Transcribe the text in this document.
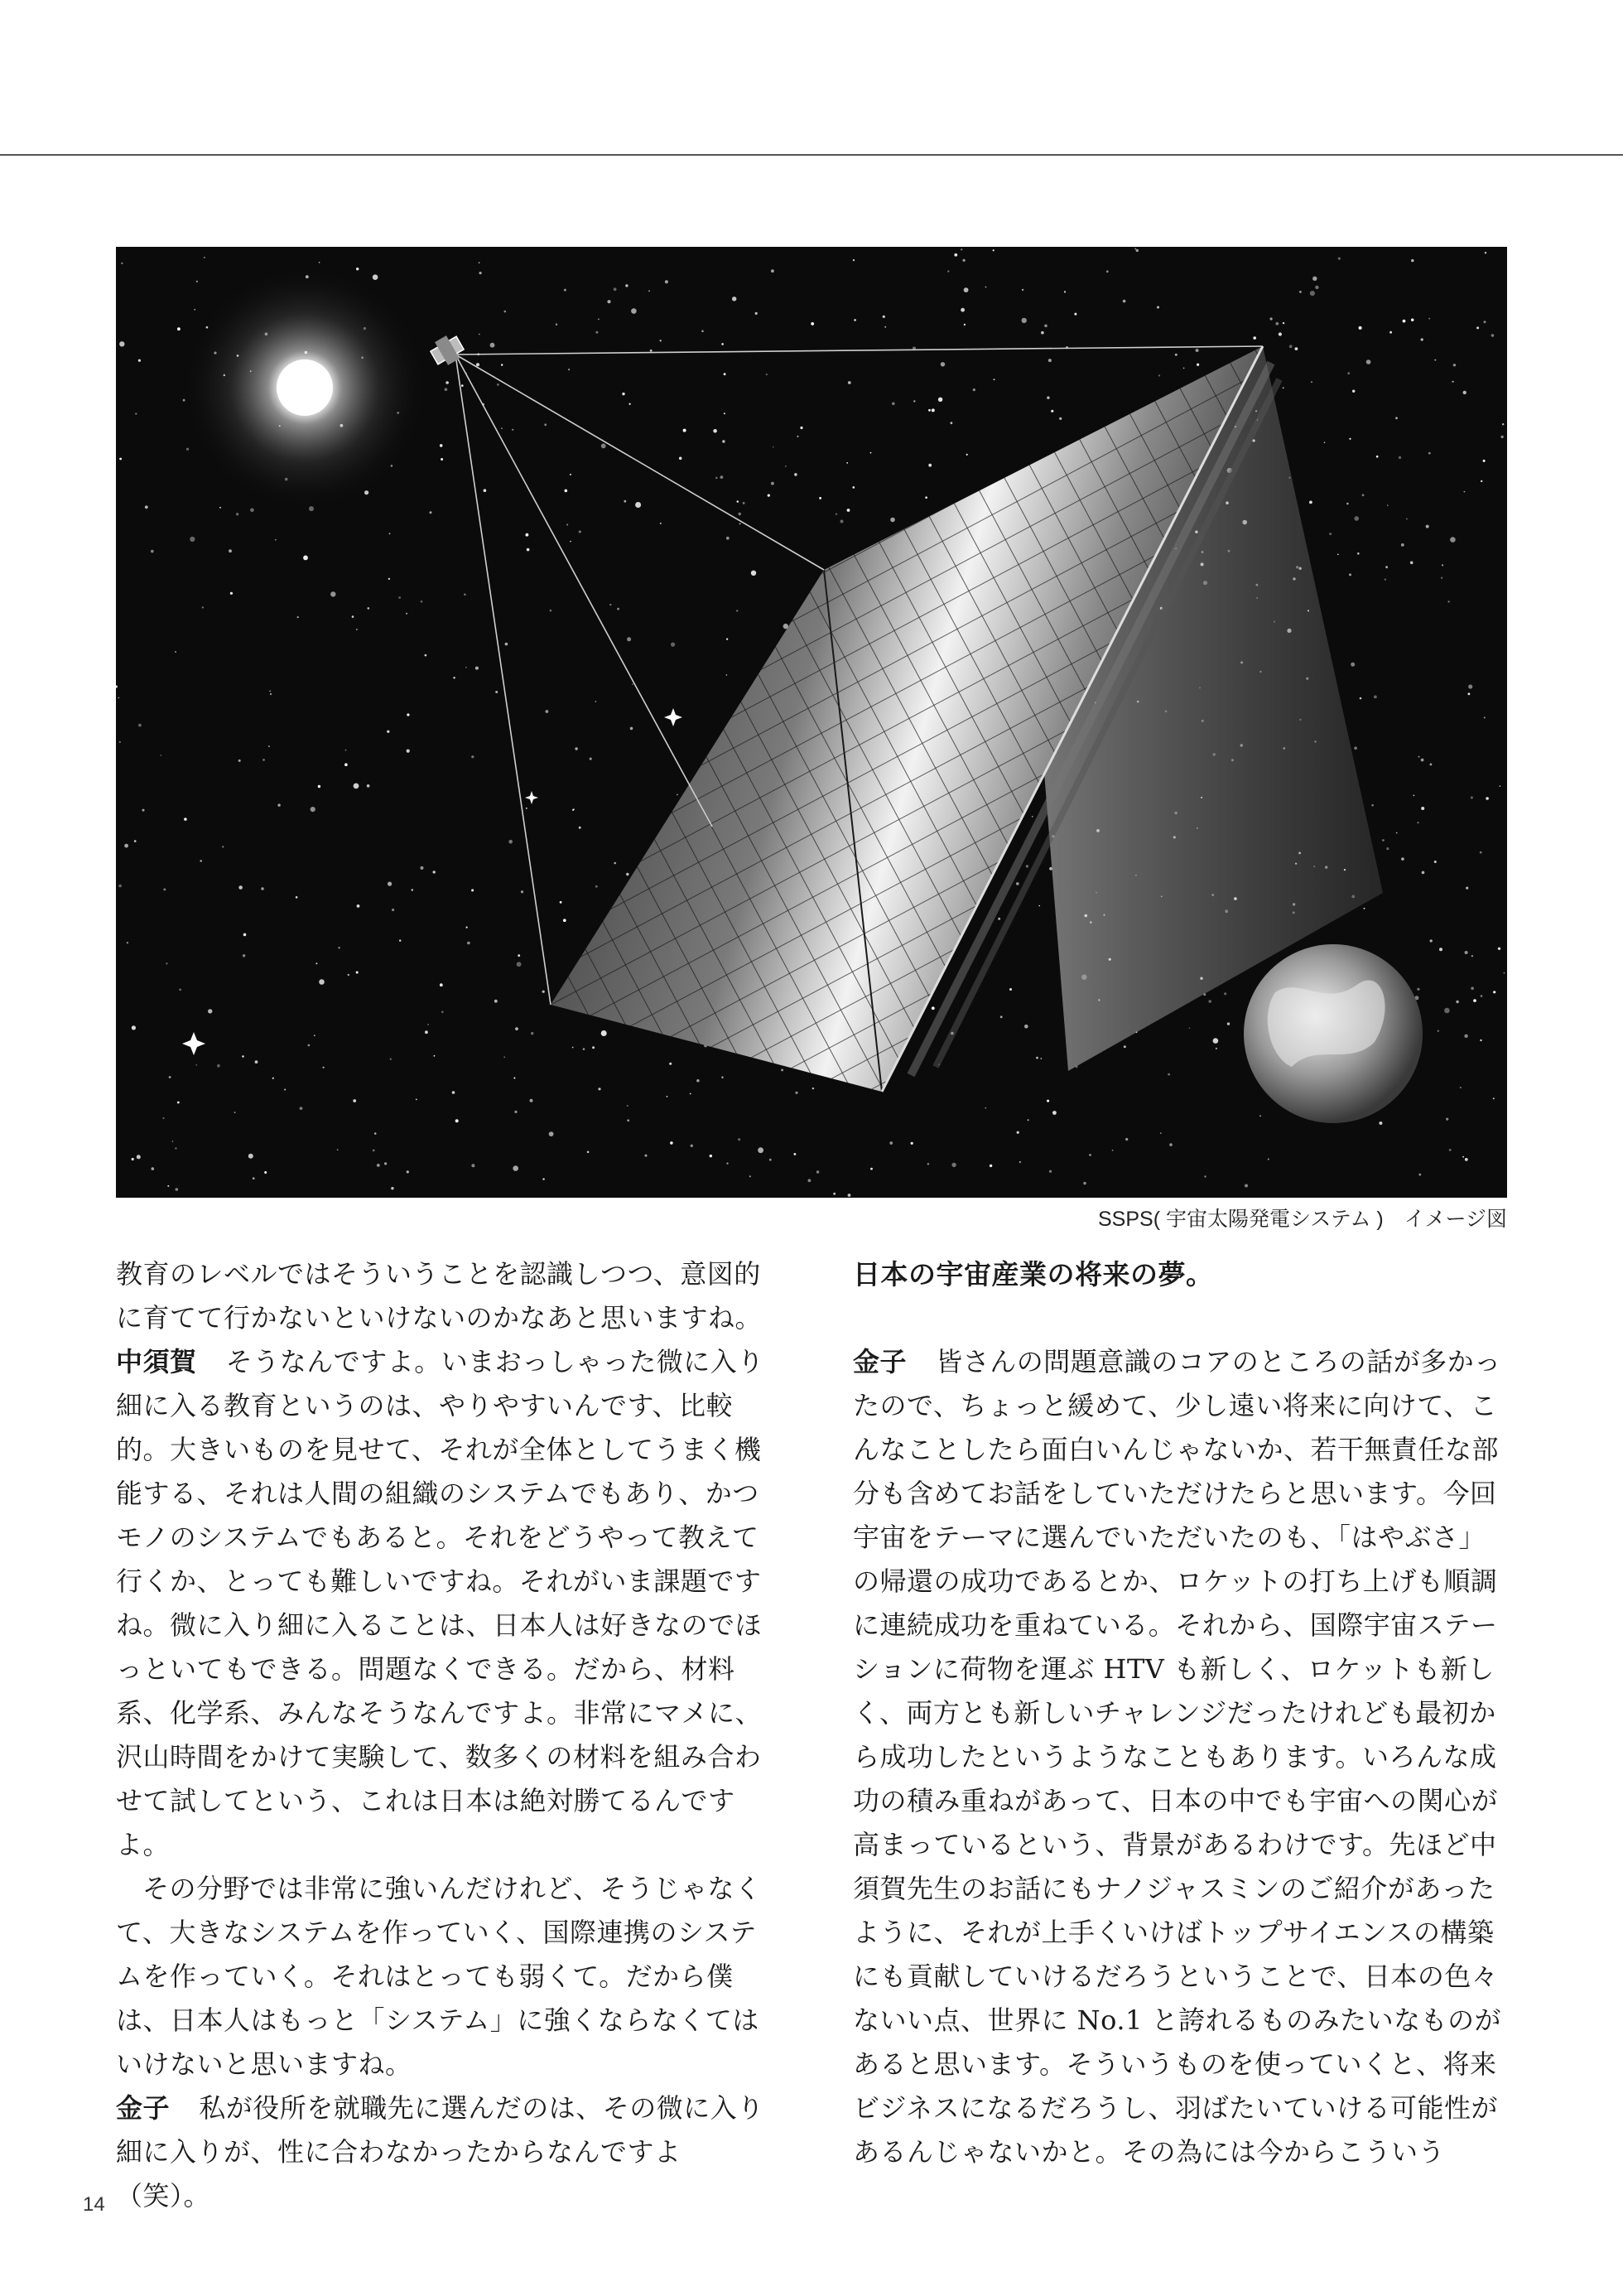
SSPS( 宇宙太陽発電システム )　イメージ図

教育のレベルではそういうことを認識しつつ、意図的に育てて行かないといけないのかなあと思いますね。

中須賀 そうなんですよ。いまおっしゃった微に入り細に入る教育というのは、やりやすいんです、比較的。大きいものを見せて、それが全体としてうまく機能する、それは人間の組織のシステムでもあり、かつモノのシステムでもあると。それをどうやって教えて行くか、とっても難しいですね。それがいま課題ですね。微に入り細に入ることは、日本人は好きなのでほっといてもできる。問題なくできる。だから、材料系、化学系、みんなそうなんですよ。非常にマメに、沢山時間をかけて実験して、数多くの材料を組み合わせて試してという、これは日本は絶対勝てるんですよ。

その分野では非常に強いんだけれど、そうじゃなくて、大きなシステムを作っていく、国際連携のシステムを作っていく。それはとっても弱くて。だから僕は、日本人はもっと「システム」に強くならなくてはいけないと思いますね。

金子 私が役所を就職先に選んだのは、その微に入り細に入りが、性に合わなかったからなんですよ（笑）。

日本の宇宙産業の将来の夢。

金子 皆さんの問題意識のコアのところの話が多かったので、ちょっと緩めて、少し遠い将来に向けて、こんなことしたら面白いんじゃないか、若干無責任な部分も含めてお話をしていただけたらと思います。今回宇宙をテーマに選んでいただいたのも、「はやぶさ」の帰還の成功であるとか、ロケットの打ち上げも順調に連続成功を重ねている。それから、国際宇宙ステーションに荷物を運ぶ HTV も新しく、ロケットも新しく、両方とも新しいチャレンジだったけれども最初から成功したというようなこともあります。いろんな成功の積み重ねがあって、日本の中でも宇宙への関心が高まっているという、背景があるわけです。先ほど中須賀先生のお話にもナノジャスミンのご紹介があったように、それが上手くいけばトップサイエンスの構築にも貢献していけるだろうということで、日本の色々ないい点、世界に No.1 と誇れるものみたいなものがあると思います。そういうものを使っていくと、将来ビジネスになるだろうし、羽ばたいていける可能性があるんじゃないかと。その為には今からこういう

14
